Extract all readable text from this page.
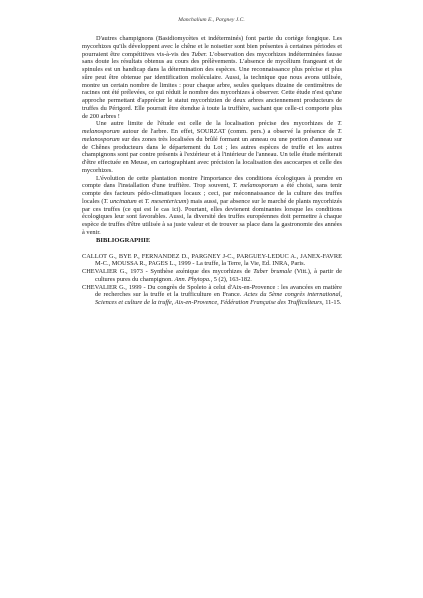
Manchalium E., Pargney J.C.

D'autres champignons (Basidiomycètes et indéterminés) font partie du cortège fongique. Les mycorhizes qu'ils développent avec le chêne et le noisetier sont bien présentes à certaines périodes et pourraient être compétitives vis-à-vis des Tuber. L'observation des mycorhizes indéterminées fausse sans doute les résultats obtenus au cours des prélèvements. L'absence de mycélium frangeant et de spinules est un handicap dans la détermination des espèces. Une reconnaissance plus précise et plus sûre peut être obtenue par identification moléculaire. Aussi, la technique que nous avons utilisée, montre un certain nombre de limites : pour chaque arbre, seules quelques dizaine de centimètres de racines ont été prélevées, ce qui réduit le nombre des mycorhizes à observer. Cette étude n'est qu'une approche permettant d'apprécier le statut mycorhizien de deux arbres anciennement producteurs de truffes du Périgord. Elle pourrait être étendue à toute la truffière, sachant que celle-ci comporte plus de 200 arbres !

Une autre limite de l'étude est celle de la localisation précise des mycorhizes de T. melanosporum autour de l'arbre. En effet, SOURZAT (comm. pers.) a observé la présence de T. melanosporum sur des zones très localisées du brûlé formant un anneau ou une portion d'anneau sur de Chênes producteurs dans le département du Lot ; les autres espèces de truffe et les autres champignons sont par contre présents à l'extérieur et à l'intérieur de l'anneau. Un telle étude mériterait d'être effectuée en Meuse, en cartographiant avec précision la localisation des ascocarpes et celle des mycorhizes.

L'évolution de cette plantation montre l'importance des conditions écologiques à prendre en compte dans l'installation d'une truffière. Trop souvent, T. melanosporum a été choisi, sans tenir compte des facteurs pédo-climatiques locaux ; ceci, par méconnaissance de la culture des truffes locales (T. uncinatum et T. mesentericum) mais aussi, par absence sur le marché de plants mycorhizés par ces truffes (ce qui est le cas ici). Pourtant, elles devienent dominantes lorsque les conditions écologiques leur sont favorables. Aussi, la diversité des truffes européennes doit permettre à chaque espèce de truffes d'être utilisée à sa juste valeur et de trouver sa place dans la gastronomie des années à venir.

BIBLIOGRAPHIE

CALLOT G., BYE P., FERNANDEZ D., PARGNEY J-C., PARGUEY-LEDUC A., JANEX-FAVRE M-C., MOUSSA R., PAGES L., 1999 - La truffe, la Terre, la Vie, Ed. INRA, Paris.

CHEVALIER G., 1973 - Synthèse axénique des mycorhizes de Tuber brumale (Vitt.), à partir de cultures pures du champignon. Ann. Phytopa., 5 (2), 163-182.

CHEVALIER G., 1999 - Du congrès de Spoleto à celui d'Aix-en-Provence : les avancées en matière de recherches sur la truffe et la trufficulture en France. Actes du 5ème congrès international, Sciences et culture de la truffe, Aix-en-Provence, Fédération Française des Trufficulteurs, 11-15.
